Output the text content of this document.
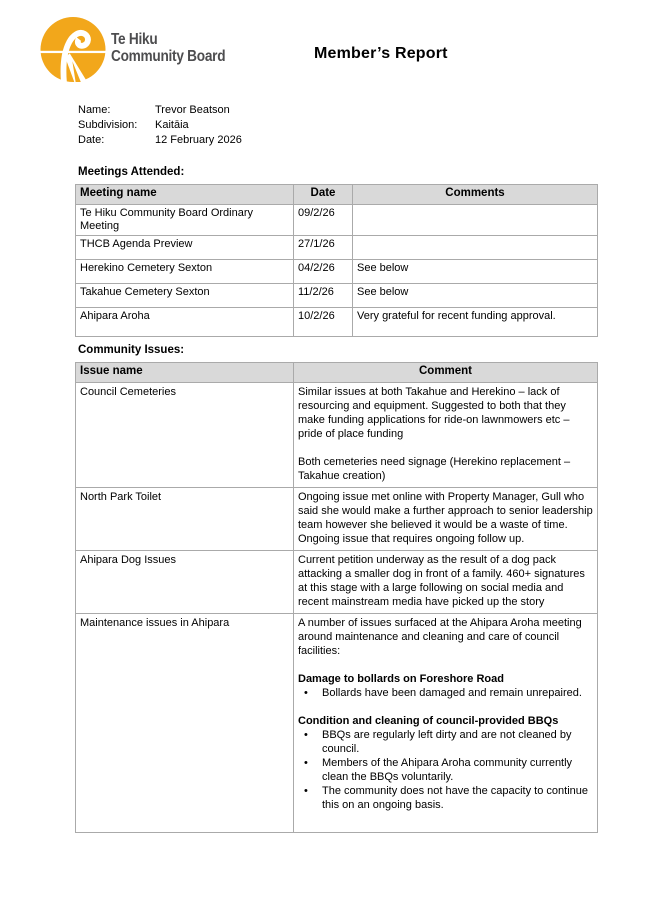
Te Hiku
Community Board	Member’s Report
Name:	Trevor Beatson
Subdivision:	Kaitāia
Date:	12 February 2026
Meetings Attended:
Meeting name	Date	Comments
Te Hiku Community Board Ordinary Meeting	09/2/26	
THCB Agenda Preview	27/1/26	
Herekino Cemetery Sexton	04/2/26	See below
Takahue Cemetery Sexton	11/2/26	See below
Ahipara Aroha	10/2/26	Very grateful for recent funding approval.
Community Issues:
Issue name	Comment
Council Cemeteries	Similar issues at both Takahue and Herekino – lack of resourcing and equipment. Suggested to both that they make funding applications for ride-on lawnmowers etc – pride of place funding
Both cemeteries need signage (Herekino replacement – Takahue creation)

North Park Toilet	Ongoing issue met online with Property Manager, Gull who said she would make a further approach to senior leadership team however she believed it would be a waste of time. Ongoing issue that requires ongoing follow up.

Ahipara Dog Issues	Current petition underway as the result of a dog pack attacking a smaller dog in front of a family. 460+ signatures at this stage with a large following on social media and recent mainstream media have picked up the story

Maintenance issues in Ahipara	A number of issues surfaced at the Ahipara Aroha meeting around maintenance and cleaning and care of council facilities:
Damage to bollards on Foreshore Road
• Bollards have been damaged and remain unrepaired.
Condition and cleaning of council-provided BBQs
• BBQs are regularly left dirty and are not cleaned by council.
• Members of the Ahipara Aroha community currently clean the BBQs voluntarily.
• The community does not have the capacity to continue this on an ongoing basis.
